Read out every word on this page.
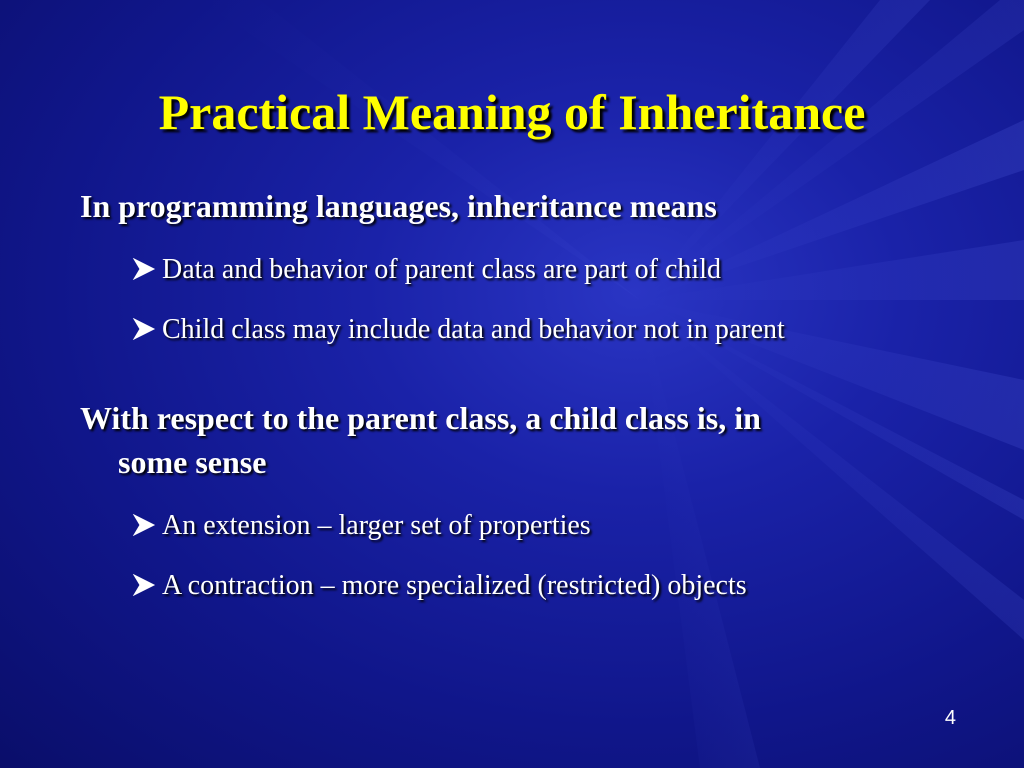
Practical Meaning of Inheritance
In programming languages, inheritance means
Data and behavior of parent class are part of child
Child class may include data and behavior not in parent
With respect to the parent class, a child class is, in
some sense
An extension – larger set of properties
A contraction – more specialized (restricted) objects
4
